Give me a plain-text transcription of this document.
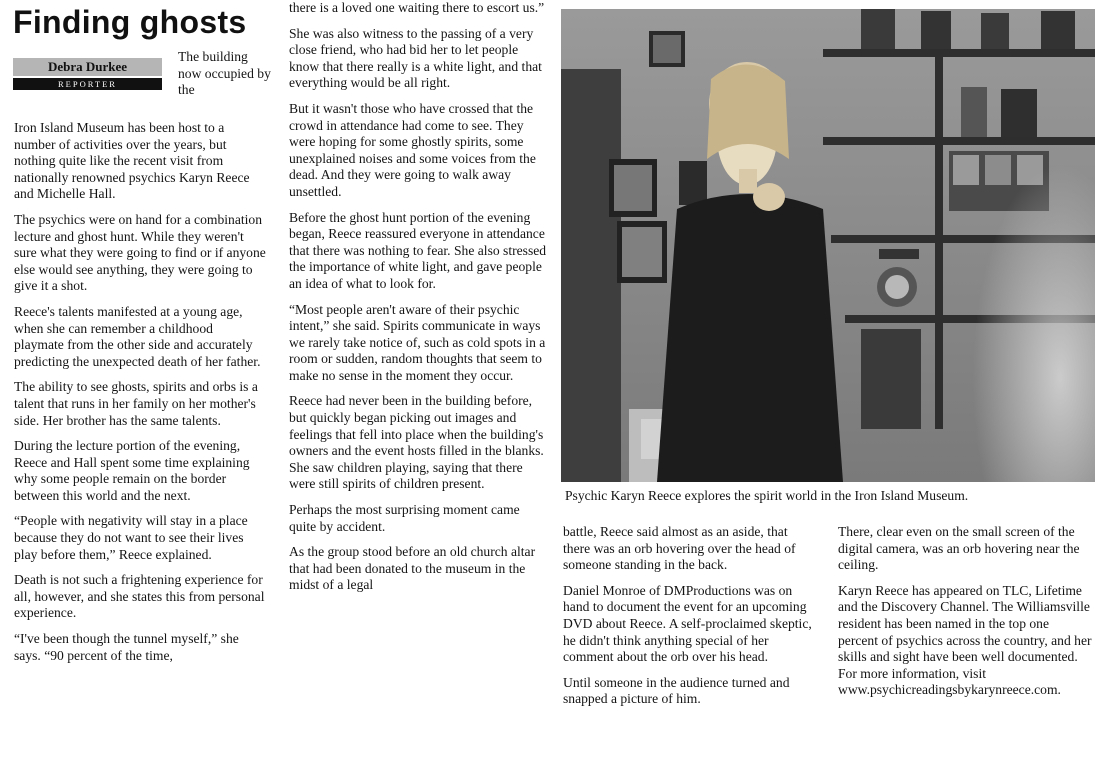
Finding ghosts
Debra Durkee
REPORTER
The building now occupied by the

Iron Island Museum has been host to a number of activities over the years, but nothing quite like the recent visit from nationally renowned psychics Karyn Reece and Michelle Hall.

The psychics were on hand for a combination lecture and ghost hunt. While they weren't sure what they were going to find or if anyone else would see anything, they were going to give it a shot.

Reece's talents manifested at a young age, when she can remember a childhood playmate from the other side and accurately predicting the unexpected death of her father.

The ability to see ghosts, spirits and orbs is a talent that runs in her family on her mother's side. Her brother has the same talents.

During the lecture portion of the evening, Reece and Hall spent some time explaining why some people remain on the border between this world and the next.

“People with negativity will stay in a place because they do not want to see their lives play before them,” Reece explained.

Death is not such a frightening experience for all, however, and she states this from personal experience.

“I've been though the tunnel myself,” she says. “90 percent of the time,

there is a loved one waiting there to escort us.”

She was also witness to the passing of a very close friend, who had bid her to let people know that there really is a white light, and that everything would be all right.

But it wasn't those who have crossed that the crowd in attendance had come to see. They were hoping for some ghostly spirits, some unexplained noises and some voices from the dead. And they were going to walk away unsettled.

Before the ghost hunt portion of the evening began, Reece reassured everyone in attendance that there was nothing to fear. She also stressed the importance of white light, and gave people an idea of what to look for.

“Most people aren't aware of their psychic intent,” she said. Spirits communicate in ways we rarely take notice of, such as cold spots in a room or sudden, random thoughts that seem to make no sense in the moment they occur.

Reece had never been in the building before, but quickly began picking out images and feelings that fell into place when the building's owners and the event hosts filled in the blanks. She saw children playing, saying that there were still spirits of children present.

Perhaps the most surprising moment came quite by accident.

As the group stood before an old church altar that had been donated to the museum in the midst of a legal

Psychic Karyn Reece explores the spirit world in the Iron Island Museum.

battle, Reece said almost as an aside, that there was an orb hovering over the head of someone standing in the back.

Daniel Monroe of DMProductions was on hand to document the event for an upcoming DVD about Reece. A self-proclaimed skeptic, he didn't think anything special of her comment about the orb over his head.

Until someone in the audience turned and snapped a picture of him.

There, clear even on the small screen of the digital camera, was an orb hovering near the ceiling.

Karyn Reece has appeared on TLC, Lifetime and the Discovery Channel. The Williamsville resident has been named in the top one percent of psychics across the country, and her skills and sight have been well documented. For more information, visit www.psychicreadingsbykarynreece.com.
